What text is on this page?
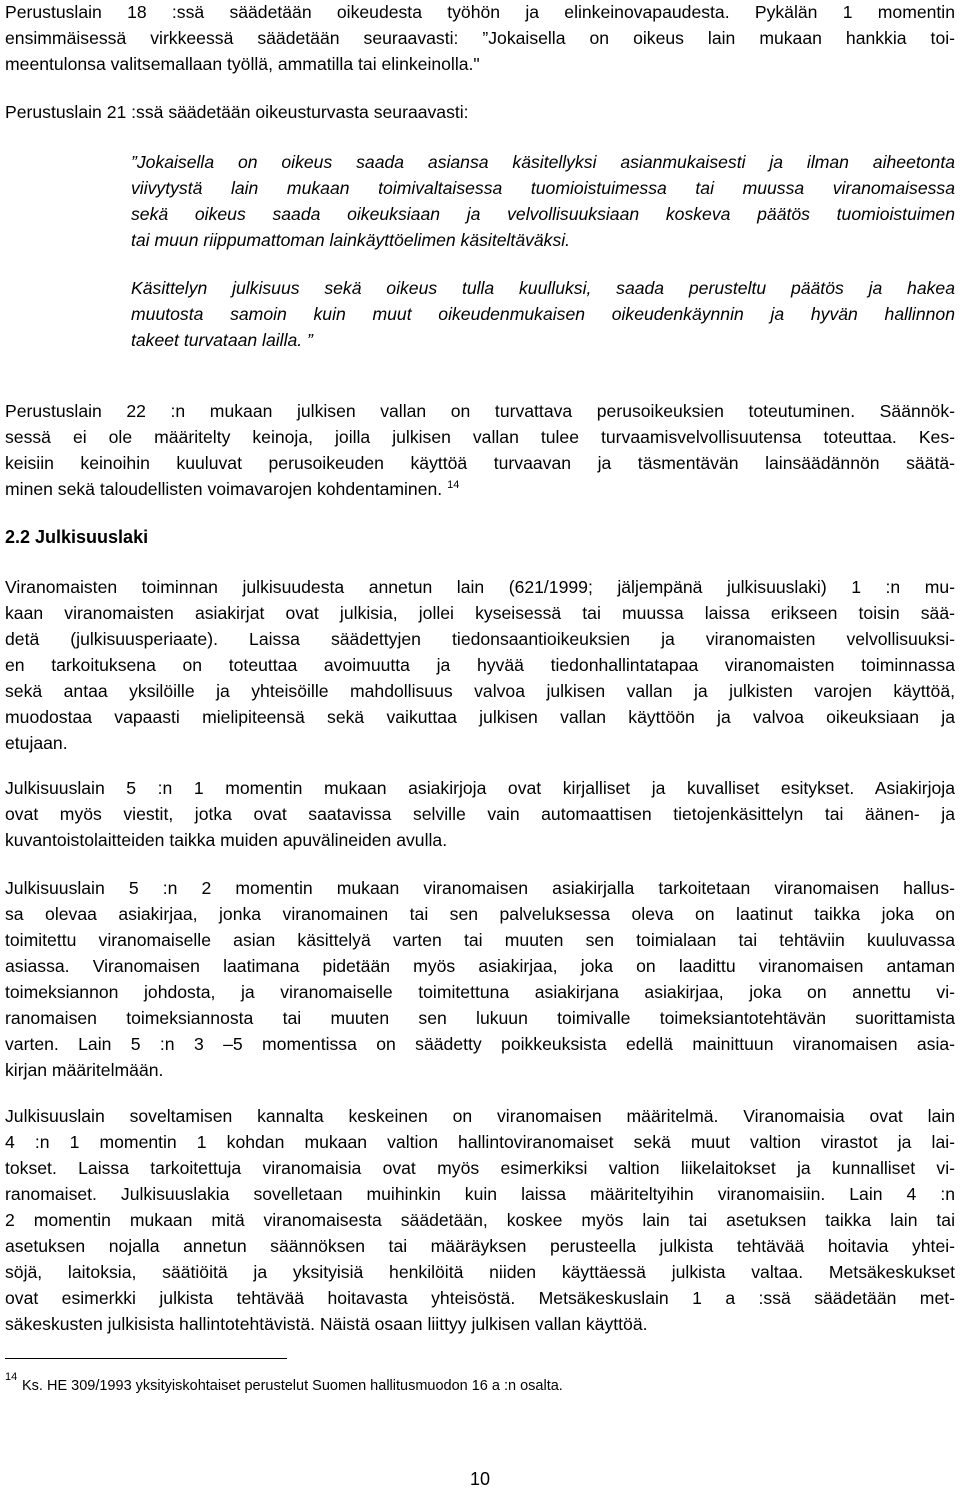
Perustuslain 18 :ssä säädetään oikeudesta työhön ja elinkeinovapaudesta. Pykälän 1 momentin
ensimmäisessä virkkeessä säädetään seuraavasti: ”Jokaisella on oikeus lain mukaan hankkia toi-
meentulonsa valitsemallaan työllä, ammatilla tai elinkeinolla."
Perustuslain 21 :ssä säädetään oikeusturvasta seuraavasti:
”Jokaisella on oikeus saada asiansa käsitellyksi asianmukaisesti ja ilman aiheetonta
viivytystä lain mukaan toimivaltaisessa tuomioistuimessa tai muussa viranomaisessa
sekä oikeus saada oikeuksiaan ja velvollisuuksiaan koskeva päätös tuomioistuimen
tai muun riippumattoman lainkäyttöelimen käsiteltäväksi.
Käsittelyn julkisuus sekä oikeus tulla kuulluksi, saada perusteltu päätös ja hakea
muutosta samoin kuin muut oikeudenmukaisen oikeudenkäynnin ja hyvän hallinnon
takeet turvataan lailla. ”
Perustuslain 22 :n mukaan julkisen vallan on turvattava perusoikeuksien toteutuminen. Säännök-
sessä ei ole määritelty keinoja, joilla julkisen vallan tulee turvaamisvelvollisuutensa toteuttaa. Kes-
keisiin keinoihin kuuluvat perusoikeuden käyttöä turvaavan ja täsmentävän lainsäädännön säätä-
minen sekä taloudellisten voimavarojen kohdentaminen. $^{14}$
2.2 Julkisuuslaki
Viranomaisten toiminnan julkisuudesta annetun lain (621/1999; jäljempänä julkisuuslaki) 1 :n mu-
kaan viranomaisten asiakirjat ovat julkisia, jollei kyseisessä tai muussa laissa erikseen toisin sää-
detä (julkisuusperiaate). Laissa säädettyjen tiedonsaantioikeuksien ja viranomaisten velvollisuuksi-
en tarkoituksena on toteuttaa avoimuutta ja hyvää tiedonhallintatapaa viranomaisten toiminnassa
sekä antaa yksilöille ja yhteisöille mahdollisuus valvoa julkisen vallan ja julkisten varojen käyttöä,
muodostaa vapaasti mielipiteensä sekä vaikuttaa julkisen vallan käyttöön ja valvoa oikeuksiaan ja
etujaan.
Julkisuuslain 5 :n 1 momentin mukaan asiakirjoja ovat kirjalliset ja kuvalliset esitykset. Asiakirjoja
ovat myös viestit, jotka ovat saatavissa selville vain automaattisen tietojenkäsittelyn tai äänen- ja
kuvantoistolaitteiden taikka muiden apuvälineiden avulla.
Julkisuuslain 5 :n 2 momentin mukaan viranomaisen asiakirjalla tarkoitetaan viranomaisen hallus-
sa olevaa asiakirjaa, jonka viranomainen tai sen palveluksessa oleva on laatinut taikka joka on
toimitettu viranomaiselle asian käsittelyä varten tai muuten sen toimialaan tai tehtäviin kuuluvassa
asiassa. Viranomaisen laatimana pidetään myös asiakirjaa, joka on laadittu viranomaisen antaman
toimeksiannon johdosta, ja viranomaiselle toimitettuna asiakirjana asiakirjaa, joka on annettu vi-
ranomaisen toimeksiannosta tai muuten sen lukuun toimivalle toimeksiantotehtävän suorittamista
varten. Lain 5 :n 3 –5 momentissa on säädetty poikkeuksista edellä mainittuun viranomaisen asia-
kirjan määritelmään.
Julkisuuslain soveltamisen kannalta keskeinen on viranomaisen määritelmä. Viranomaisia ovat lain
4 :n 1 momentin 1 kohdan mukaan valtion hallintoviranomaiset sekä muut valtion virastot ja lai-
tokset. Laissa tarkoitettuja viranomaisia ovat myös esimerkiksi valtion liikelaitokset ja kunnalliset vi-
ranomaiset. Julkisuuslakia sovelletaan muihinkin kuin laissa määriteltyihin viranomaisiin. Lain 4 :n
2 momentin mukaan mitä viranomaisesta säädetään, koskee myös lain tai asetuksen taikka lain tai
asetuksen nojalla annetun säännöksen tai määräyksen perusteella julkista tehtävää hoitavia yhtei-
söjä, laitoksia, säätiöitä ja yksityisiä henkilöitä niiden käyttäessä julkista valtaa. Metsäkeskukset
ovat esimerkki julkista tehtävää hoitavasta yhteisöstä. Metsäkeskuslain 1 a :ssä säädetään met-
säkeskusten julkisista hallintotehtävistä. Näistä osaan liittyy julkisen vallan käyttöä.
14
Ks. HE 309/1993 yksityiskohtaiset perustelut Suomen hallitusmuodon 16 a :n osalta.
10
